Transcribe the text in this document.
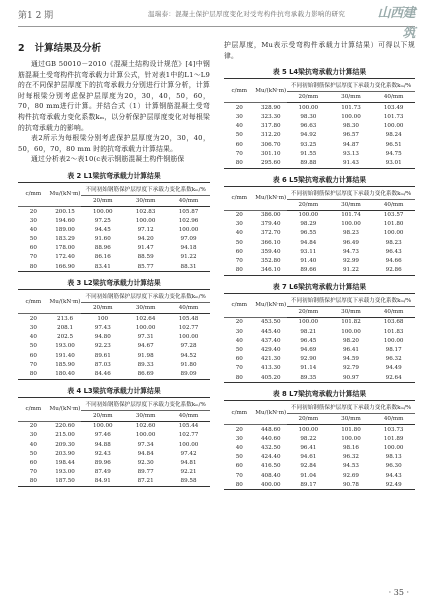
第1 2 期	温瑞泰：混凝土保护层厚度变化对受弯构件抗弯承载力影响的研究	山西建筑
2 计算结果及分析

通过GB 50010－2010《混凝土结构设计规范》[4]中钢筋混凝土受弯构件抗弯承载力计算公式，针对表1中的L1～L9的在不同保护层厚度下的抗弯承载力分别进行计算分析，计算时每根梁分别考虑保护层厚度为20，30，40，50，60，70，80 mm进行计算。并结合式（1）计算钢筋混凝土受弯构件抗弯承载力变化系数kₘ，以分析保护层厚度变化对每根梁的抗弯承载力的影响。

表2所示为每根梁分别考虑保护层厚度为20，30，40，50，60，70，80 mm 时的抗弯承载力计算结果。

通过分析表2～表10(c表示钢筋混凝土构件钢筋保

表 2 L1梁抗弯承载力计算结果
c/mm	Mu/(kN·m)	不同初始钢筋保护层厚度下承载力变化系数kₘ/%		
		20/mm	30/mm	40/mm
20	200.15	100.00	102.83	105.87
30	194.60	97.25	100.00	102.96
40	189.00	94.45	97.12	100.00
50	183.29	91.60	94.20	97.09
60	178.00	88.96	91.47	94.18
70	172.40	86.16	88.59	91.22
80	166.90	83.41	85.77	88.31
表 3 L2梁抗弯承载力计算结果
c/mm	Mu/(kN·m)	不同初始钢筋保护层厚度下承载力变化系数kₘ/%		
		20/mm	30/mm	40/mm
20	213.6	100	102.64	105.48
30	208.1	97.43	100.00	102.77
40	202.5	94.80	97.31	100.00
50	193.00	92.23	94.67	97.28
60	191.40	89.61	91.98	94.52
70	185.90	87.03	89.33	91.80
80	180.40	84.46	86.69	89.09
表 4 L3梁抗弯承载力计算结果
c/mm	Mu/(kN·m)	不同初始钢筋保护层厚度下承载力变化系数kₘ/%		
		20/mm	30/mm	40/mm
20	220.60	100.00	102.60	105.44
30	215.00	97.46	100.00	102.77
40	209.30	94.88	97.34	100.00
50	203.90	92.43	94.84	97.42
60	198.44	89.96	92.30	94.81
70	193.00	87.49	89.77	92.21
80	187.50	84.91	87.21	89.58

护层厚度，Mu表示受弯构件承载力计算结果）可得以下规律。

表 5 L4梁抗弯承载力计算结果
c/mm	Mu/(kN·m)	不同初始钢筋保护层厚度下承载力变化系数kₘ/%		
		20/mm	30/mm	40/mm
20	328.90	100.00	101.73	103.49
30	323.30	98.30	100.00	101.73
40	317.80	96.63	98.30	100.00
50	312.20	94.92	96.57	98.24
60	306.70	93.25	94.87	96.51
70	301.10	91.55	93.13	94.75
80	295.60	89.88	91.43	93.01
表 6 L5梁抗弯承载力计算结果
c/mm	Mu/(kN·m)	不同初始钢筋保护层厚度下承载力变化系数kₘ/%		
		20/mm	30/mm	40/mm
20	386.00	100.00	101.74	103.57
30	379.40	98.29	100.00	101.80
40	372.70	96.55	98.23	100.00
50	366.10	94.84	96.49	98.23
60	359.40	93.11	94.73	96.43
70	352.80	91.40	92.99	94.66
80	346.10	89.66	91.22	92.86
表 7 L6梁抗弯承载力计算结果
c/mm	Mu/(kN·m)	不同初始钢筋保护层厚度下承载力变化系数kₘ/%		
		20/mm	30/mm	40/mm
20	453.50	100.00	101.82	103.68
30	445.40	98.21	100.00	101.83
40	437.40	96.45	98.20	100.00
50	429.40	94.69	96.41	98.17
60	421.30	92.90	94.59	96.32
70	413.30	91.14	92.79	94.49
80	405.20	89.35	90.97	92.64
表 8 L7梁抗弯承载力计算结果
c/mm	Mu/(kN·m)	不同初始钢筋保护层厚度下承载力变化系数kₘ/%		
		20/mm	30/mm	40/mm
20	448.60	100.00	101.80	103.73
30	440.60	98.22	100.00	101.89
40	432.50	96.41	98.16	100.00
50	424.40	94.61	96.32	98.13
60	416.50	92.84	94.53	96.30
70	408.40	91.04	92.69	94.43
80	400.00	89.17	90.78	92.49
· 35 ·
